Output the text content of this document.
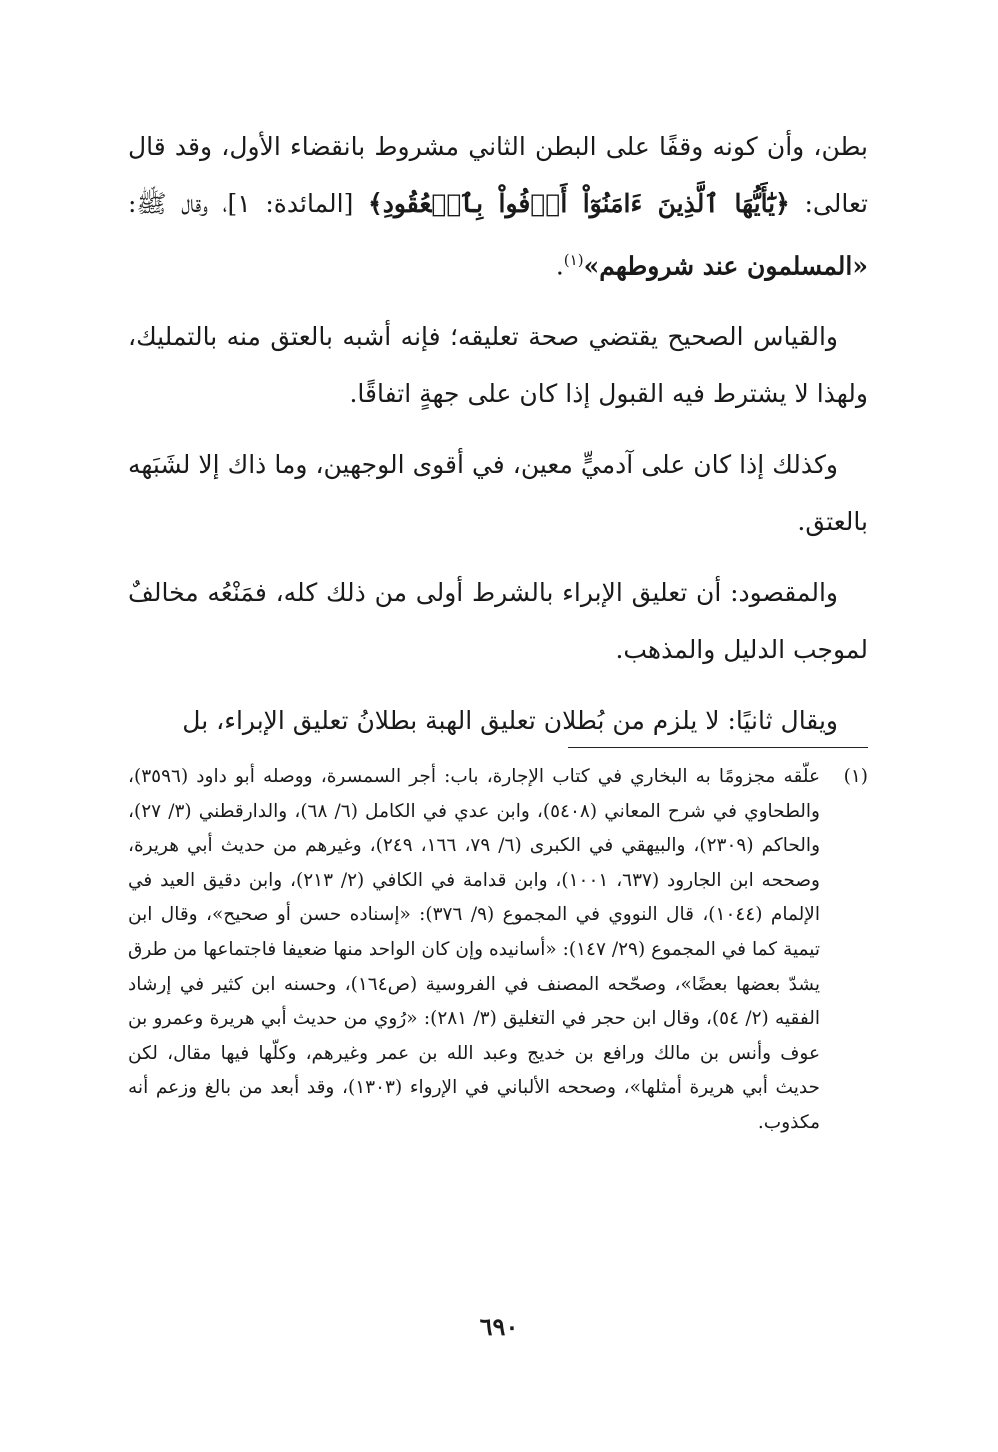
بطن، وأن كونه وقفًا على البطن الثاني مشروط بانقضاء الأول، وقد قال تعالى: ﴿يَٰٓأَيُّهَا ٱلَّذِينَ ءَامَنُوٓاْ أَوۡفُواْ بِٱلۡعُقُودِ﴾ [المائدة: ١]، وقال ﷺ: «المسلمون عند شروطهم»$^{(١)}$.

والقياس الصحيح يقتضي صحة تعليقه؛ فإنه أشبه بالعتق منه بالتمليك، ولهذا لا يشترط فيه القبول إذا كان على جهةٍ اتفاقًا.

وكذلك إذا كان على آدميٍّ معين، في أقوى الوجهين، وما ذاك إلا لشَبَهه بالعتق.

والمقصود: أن تعليق الإبراء بالشرط أولى من ذلك كله، فمَنْعُه مخالفٌ لموجب الدليل والمذهب.

ويقال ثانيًا: لا يلزم من بُطلان تعليق الهبة بطلانُ تعليق الإبراء، بل

(١)
علّقه مجزومًا به البخاري في كتاب الإجارة، باب: أجر السمسرة، ووصله أبو داود (٣٥٩٦)، والطحاوي في شرح المعاني (٥٤٠٨)، وابن عدي في الكامل (٦/ ٦٨)، والدارقطني (٣/ ٢٧)، والحاكم (٢٣٠٩)، والبيهقي في الكبرى (٦/ ٧٩، ١٦٦، ٢٤٩)، وغيرهم من حديث أبي هريرة، وصححه ابن الجارود (٦٣٧، ١٠٠١)، وابن قدامة في الكافي (٢/ ٢١٣)، وابن دقيق العيد في الإلمام (١٠٤٤)، قال النووي في المجموع (٩/ ٣٧٦): «إسناده حسن أو صحيح»، وقال ابن تيمية كما في المجموع (٢٩/ ١٤٧): «أسانيده وإن كان الواحد منها ضعيفا فاجتماعها من طرق يشدّ بعضها بعضًا»، وصحّحه المصنف في الفروسية (ص١٦٤)، وحسنه ابن كثير في إرشاد الفقيه (٢/ ٥٤)، وقال ابن حجر في التغليق (٣/ ٢٨١): «رُوي من حديث أبي هريرة وعمرو بن عوف وأنس بن مالك ورافع بن خديج وعبد الله بن عمر وغيرهم، وكلّها فيها مقال، لكن حديث أبي هريرة أمثلها»، وصححه الألباني في الإرواء (١٣٠٣)، وقد أبعد من بالغ وزعم أنه مكذوب.
٦٩٠
